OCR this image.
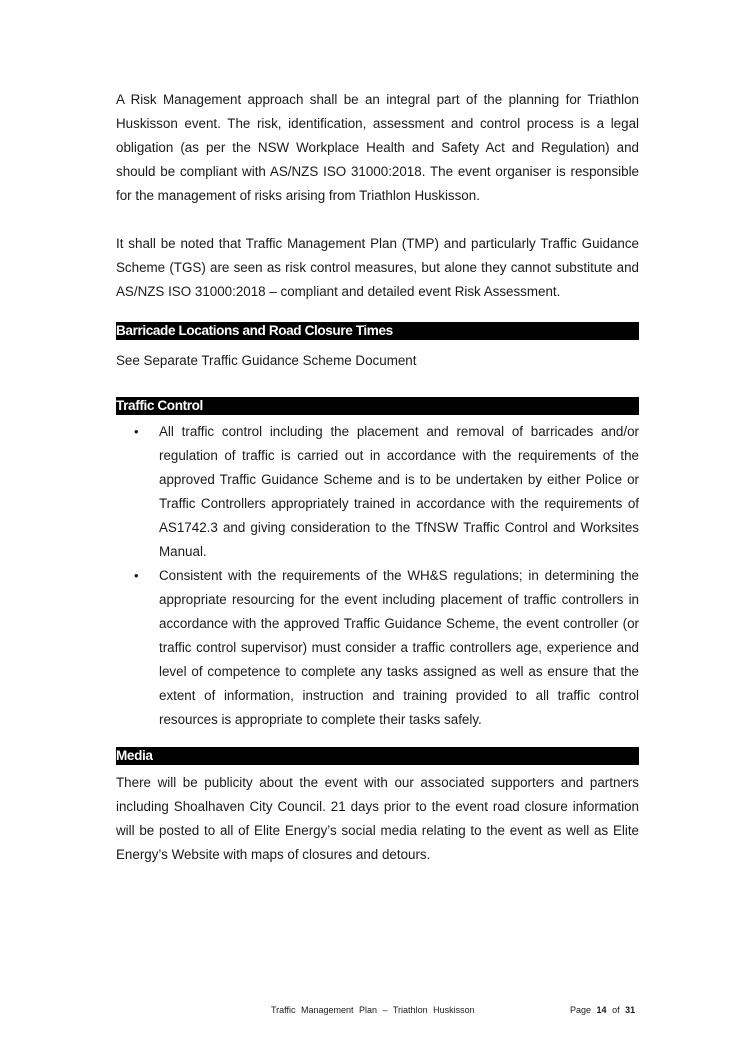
A Risk Management approach shall be an integral part of the planning for Triathlon Huskisson event. The risk, identification, assessment and control process is a legal obligation (as per the NSW Workplace Health and Safety Act and Regulation) and should be compliant with AS/NZS ISO 31000:2018. The event organiser is responsible for the management of risks arising from Triathlon Huskisson.

It shall be noted that Traffic Management Plan (TMP) and particularly Traffic Guidance Scheme (TGS) are seen as risk control measures, but alone they cannot substitute and AS/NZS ISO 31000:2018 – compliant and detailed event Risk Assessment.

Barricade Locations and Road Closure Times

See Separate Traffic Guidance Scheme Document

Traffic Control
• All traffic control including the placement and removal of barricades and/or regulation of traffic is carried out in accordance with the requirements of the approved Traffic Guidance Scheme and is to be undertaken by either Police or Traffic Controllers appropriately trained in accordance with the requirements of AS1742.3 and giving consideration to the TfNSW Traffic Control and Worksites Manual.
• Consistent with the requirements of the WH&S regulations; in determining the appropriate resourcing for the event including placement of traffic controllers in accordance with the approved Traffic Guidance Scheme, the event controller (or traffic control supervisor) must consider a traffic controllers age, experience and level of competence to complete any tasks assigned as well as ensure that the extent of information, instruction and training provided to all traffic control resources is appropriate to complete their tasks safely.
Media

There will be publicity about the event with our associated supporters and partners including Shoalhaven City Council. 21 days prior to the event road closure information will be posted to all of Elite Energy’s social media relating to the event as well as Elite Energy’s Website with maps of closures and detours.

Traffic Management Plan – Triathlon Huskisson	Page 14 of 31
